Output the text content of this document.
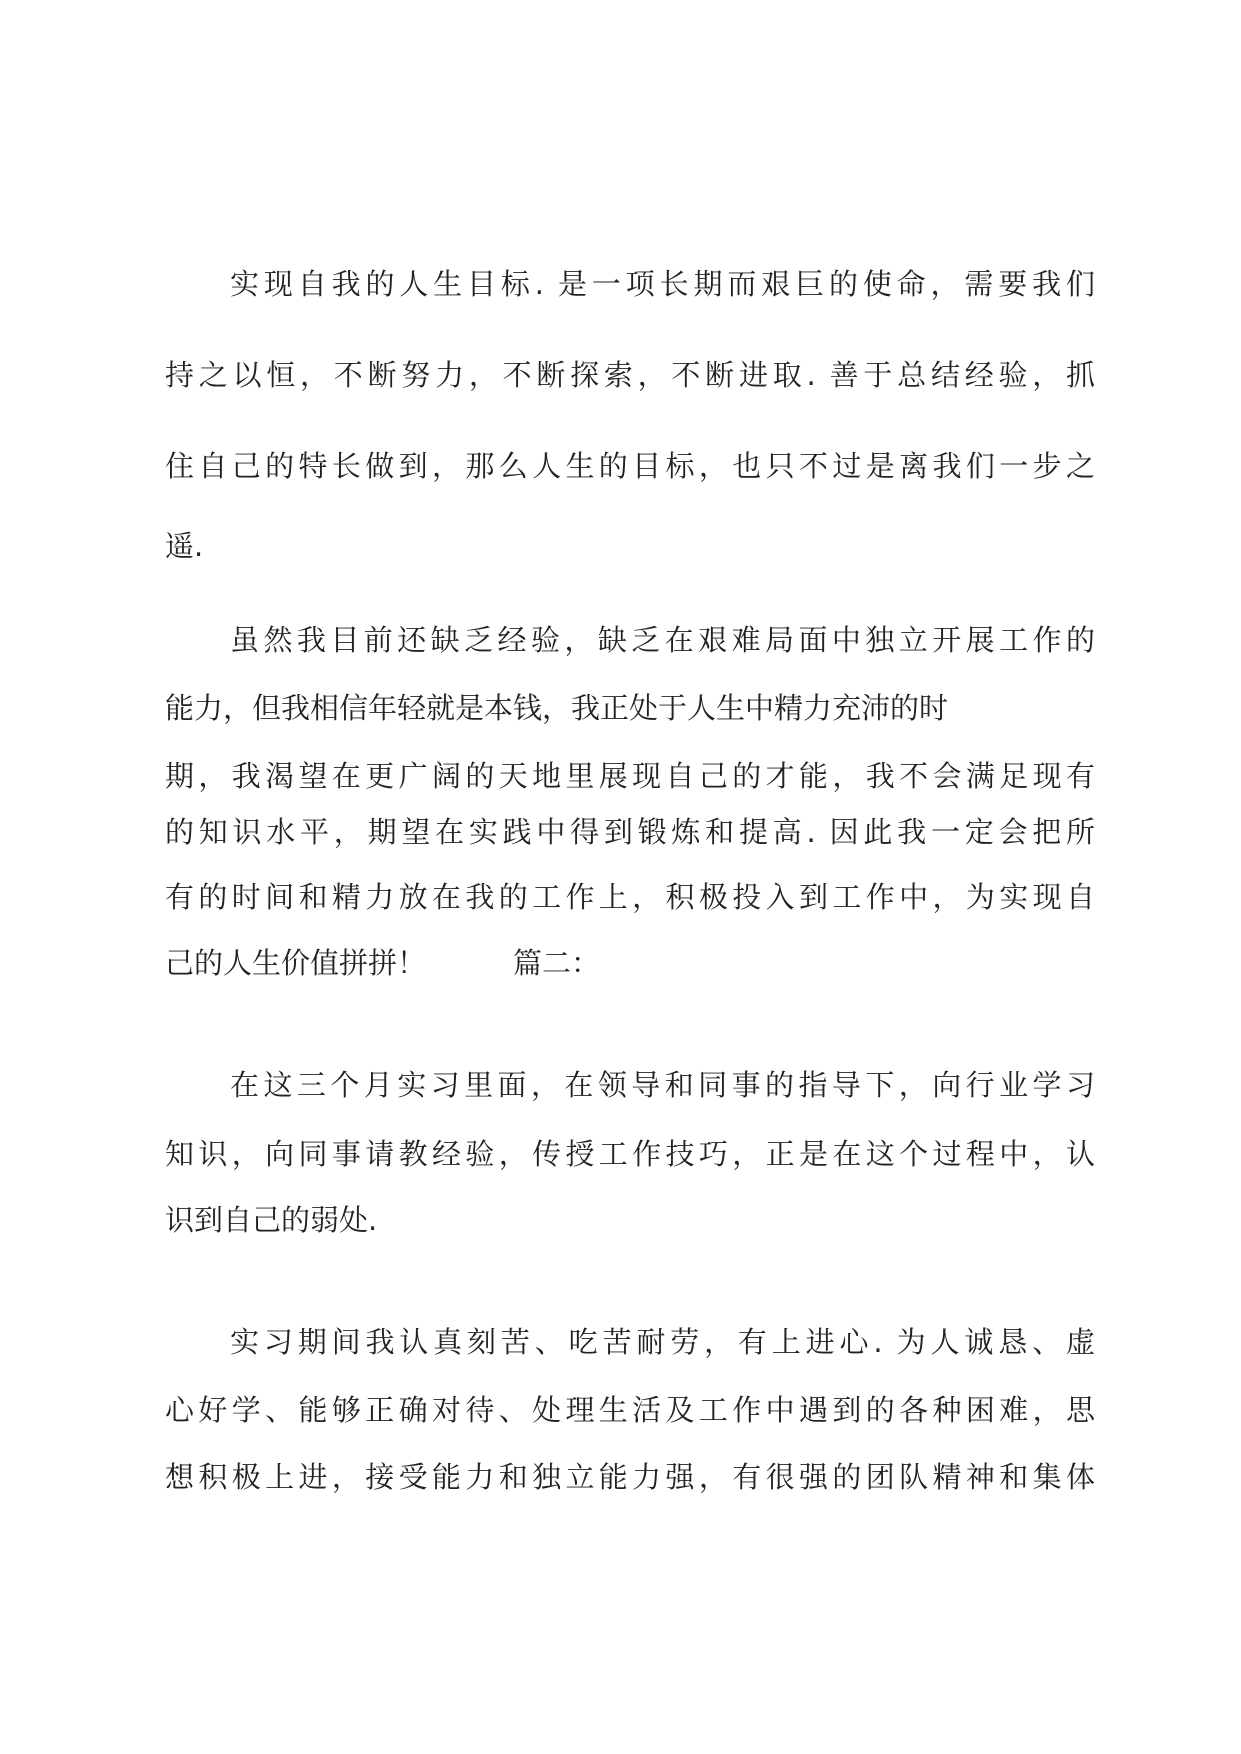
实现自我的人生目标. 是一项长期而艰巨的使命，需要我们
持之以恒，不断努力，不断探索，不断进取. 善于总结经验，抓
住自己的特长做到，那么人生的目标，也只不过是离我们一步之
遥.
虽然我目前还缺乏经验，缺乏在艰难局面中独立开展工作的
能力，但我相信年轻就是本钱，我正处于人生中精力充沛的时
期，我渴望在更广阔的天地里展现自己的才能，我不会满足现有
的知识水平，期望在实践中得到锻炼和提高. 因此我一定会把所
有的时间和精力放在我的工作上，积极投入到工作中，为实现自
己的人生价值拼拼！　　　篇二：
在这三个月实习里面，在领导和同事的指导下，向行业学习
知识，向同事请教经验，传授工作技巧，正是在这个过程中，认
识到自己的弱处.
实习期间我认真刻苦、吃苦耐劳，有上进心. 为人诚恳、虚
心好学、能够正确对待、处理生活及工作中遇到的各种困难，思
想积极上进，接受能力和独立能力强，有很强的团队精神和集体
